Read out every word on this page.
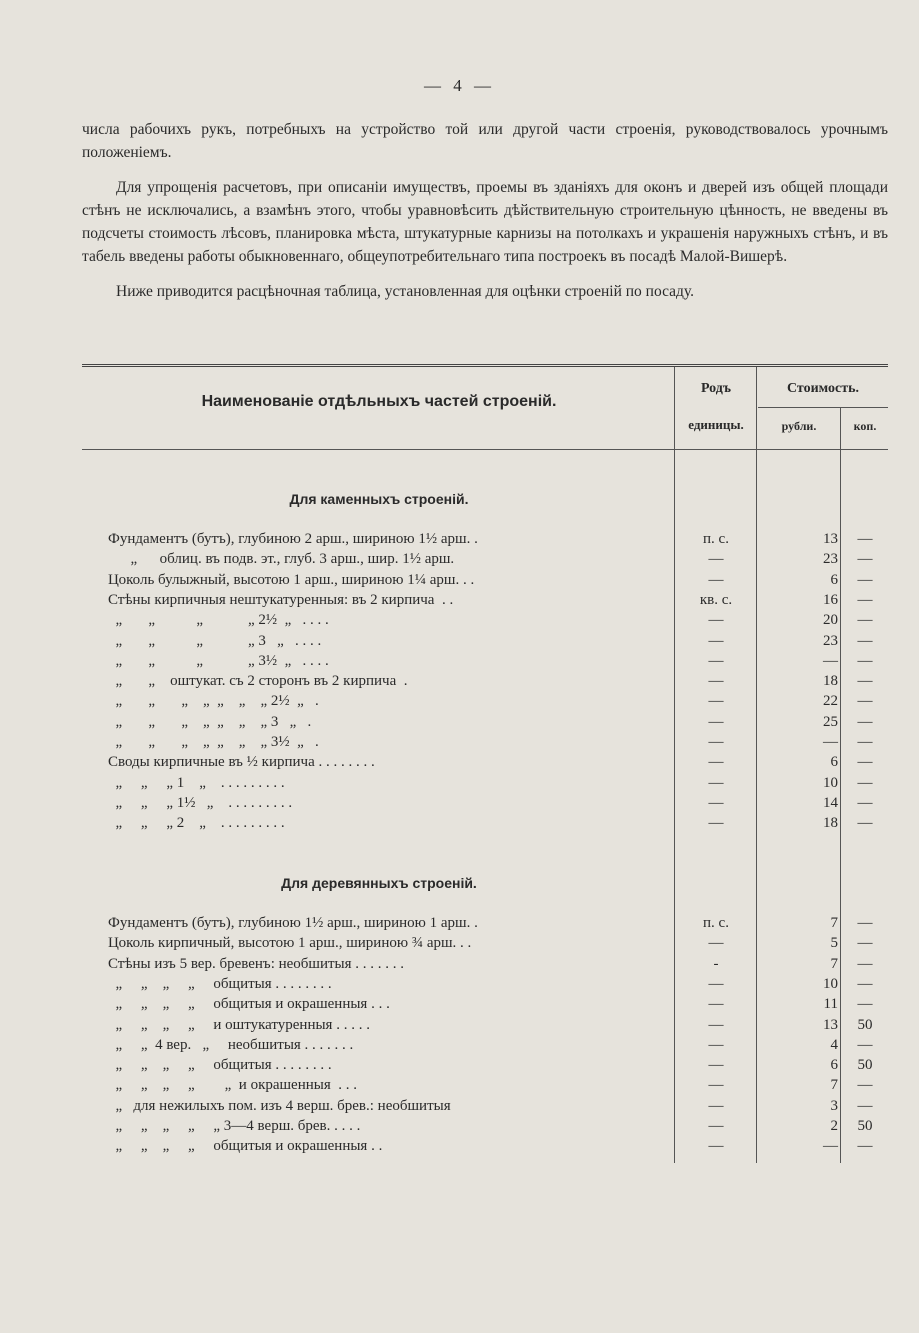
— 4 —

числа рабочихъ рукъ, потребныхъ на устройство той или другой части строенія, руководствовалось урочнымъ положеніемъ.

Для упрощенія расчетовъ, при описаніи имуществъ, проемы въ зданіяхъ для оконъ и дверей изъ общей площади стѣнъ не исключались, а взамѣнъ этого, чтобы уравновѣсить дѣйствительную строительную цѣнность, не введены въ подсчеты стоимость лѣсовъ, планировка мѣста, штукатурные карнизы на потолкахъ и украшенія наружныхъ стѣнъ, и въ табель введены работы обыкновеннаго, общеупотребительнаго типа построекъ въ посадѣ Малой-Вишерѣ.

Ниже приводится расцѣночная таблица, установленная для оцѣнки строеній по посаду.

Наименованіе отдѣльныхъ частей строеній.
Родъ
единицы.
Стоимость.
рубли.	коп.
Для каменныхъ строеній.
Фундаментъ (бутъ), глубиною 2 арш., шириною 1½ арш. .	п. с.	13	—
„      облиц. въ подв. эт., глуб. 3 арш., шир. 1½ арш.	—	23	—
Цоколь булыжный, высотою 1 арш., шириною 1¼ арш. . .	—	6	—
Стѣны кирпичныя нештукатуренныя: въ 2 кирпича  . .	кв. с.	16	—
„       „           „            „ 2½  „   . . . .	—	20	—
„       „           „            „ 3   „   . . . .	—	23	—
„       „           „            „ 3½  „   . . . .	—	—	—
„       „    оштукат. съ 2 сторонъ въ 2 кирпича  .	—	18	—
„       „       „    „  „    „    „ 2½  „   .	—	22	—
„       „       „    „  „    „    „ 3   „   .	—	25	—
„       „       „    „  „    „    „ 3½  „   .	—	—	—
Своды кирпичные въ ½ кирпича . . . . . . . .	—	6	—
„     „     „ 1    „    . . . . . . . . .	—	10	—
„     „     „ 1½   „    . . . . . . . . .	—	14	—
„     „     „ 2    „    . . . . . . . . .	—	18	—
Для деревянныхъ строеній.
Фундаментъ (бутъ), глубиною 1½ арш., шириною 1 арш. .	п. с.	7	—
Цоколь кирпичный, высотою 1 арш., шириною ¾ арш. . .	—	5	—
Стѣны изъ 5 вер. бревенъ: необшитыя . . . . . . .	-	7	—
„     „    „     „     общитыя . . . . . . . .	—	10	—
„     „    „     „     общитыя и окрашенныя . . .	—	11	—
„     „    „     „     и оштукатуренныя . . . . .	—	13	50
„     „  4 вер.   „     необшитыя . . . . . . .	—	4	—
„     „    „     „     общитыя . . . . . . . .	—	6	50
„     „    „     „        „  и окрашенныя  . . .	—	7	—
„   для нежилыхъ пом. изъ 4 верш. брев.: необшитыя	—	3	—
„     „    „     „     „ 3—4 верш. брев. . . . .	—	2	50
„     „    „     „     общитыя и окрашенныя . .	—	—	—
